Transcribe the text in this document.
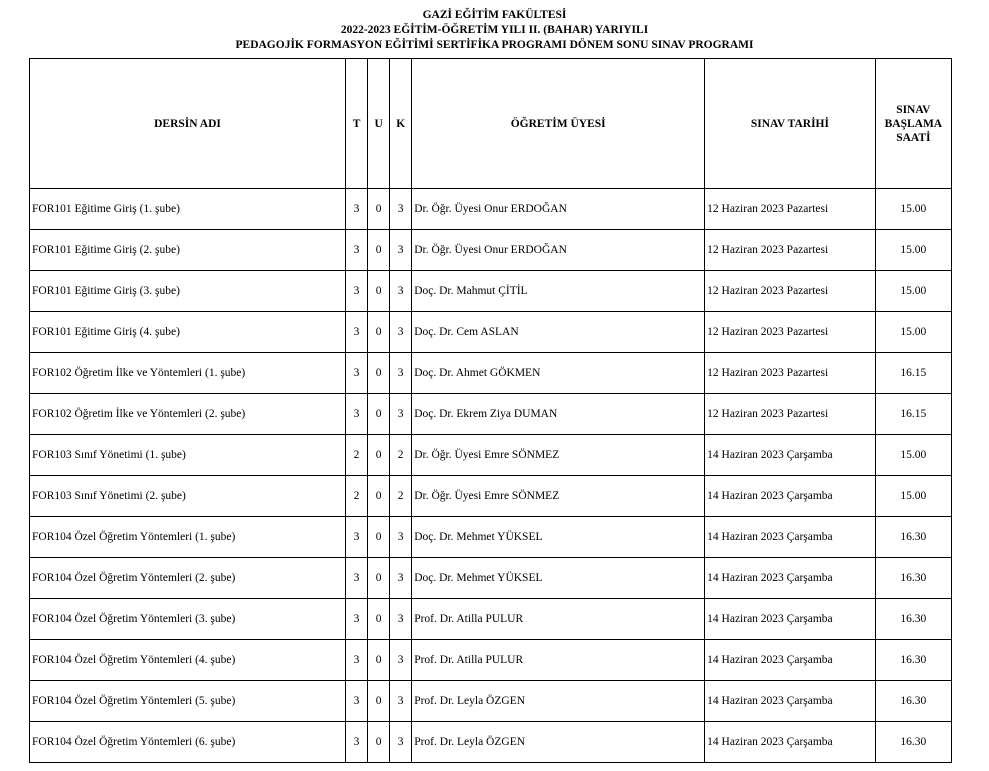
GAZİ EĞİTİM FAKÜLTESİ
2022-2023 EĞİTİM-ÖĞRETİM YILI II. (BAHAR) YARIYILI
PEDAGOJİK FORMASYON EĞİTİMİ SERTİFİKA PROGRAMI DÖNEM SONU SINAV PROGRAMI
DERSİN ADI	T	U	K	ÖĞRETİM ÜYESİ	SINAV TARİHİ	SINAV BAŞLAMA SAATİ
FOR101 Eğitime Giriş (1. şube)	3	0	3	Dr. Öğr. Üyesi Onur ERDOĞAN	12 Haziran 2023 Pazartesi	15.00
FOR101 Eğitime Giriş (2. şube)	3	0	3	Dr. Öğr. Üyesi Onur ERDOĞAN	12 Haziran 2023 Pazartesi	15.00
FOR101 Eğitime Giriş (3. şube)	3	0	3	Doç. Dr. Mahmut ÇİTİL	12 Haziran 2023 Pazartesi	15.00
FOR101 Eğitime Giriş (4. şube)	3	0	3	Doç. Dr. Cem ASLAN	12 Haziran 2023 Pazartesi	15.00
FOR102 Öğretim İlke ve Yöntemleri (1. şube)	3	0	3	Doç. Dr. Ahmet GÖKMEN	12 Haziran 2023 Pazartesi	16.15
FOR102 Öğretim İlke ve Yöntemleri (2. şube)	3	0	3	Doç. Dr. Ekrem Ziya DUMAN	12 Haziran 2023 Pazartesi	16.15
FOR103 Sınıf Yönetimi (1. şube)	2	0	2	Dr. Öğr. Üyesi Emre SÖNMEZ	14 Haziran 2023 Çarşamba	15.00
FOR103 Sınıf Yönetimi (2. şube)	2	0	2	Dr. Öğr. Üyesi Emre SÖNMEZ	14 Haziran 2023 Çarşamba	15.00
FOR104 Özel Öğretim Yöntemleri (1. şube)	3	0	3	Doç. Dr. Mehmet YÜKSEL	14 Haziran 2023 Çarşamba	16.30
FOR104 Özel Öğretim Yöntemleri (2. şube)	3	0	3	Doç. Dr. Mehmet YÜKSEL	14 Haziran 2023 Çarşamba	16.30
FOR104 Özel Öğretim Yöntemleri (3. şube)	3	0	3	Prof. Dr. Atilla PULUR	14 Haziran 2023 Çarşamba	16.30
FOR104 Özel Öğretim Yöntemleri (4. şube)	3	0	3	Prof. Dr. Atilla PULUR	14 Haziran 2023 Çarşamba	16.30
FOR104 Özel Öğretim Yöntemleri (5. şube)	3	0	3	Prof. Dr. Leyla ÖZGEN	14 Haziran 2023 Çarşamba	16.30
FOR104 Özel Öğretim Yöntemleri (6. şube)	3	0	3	Prof. Dr. Leyla ÖZGEN	14 Haziran 2023 Çarşamba	16.30
